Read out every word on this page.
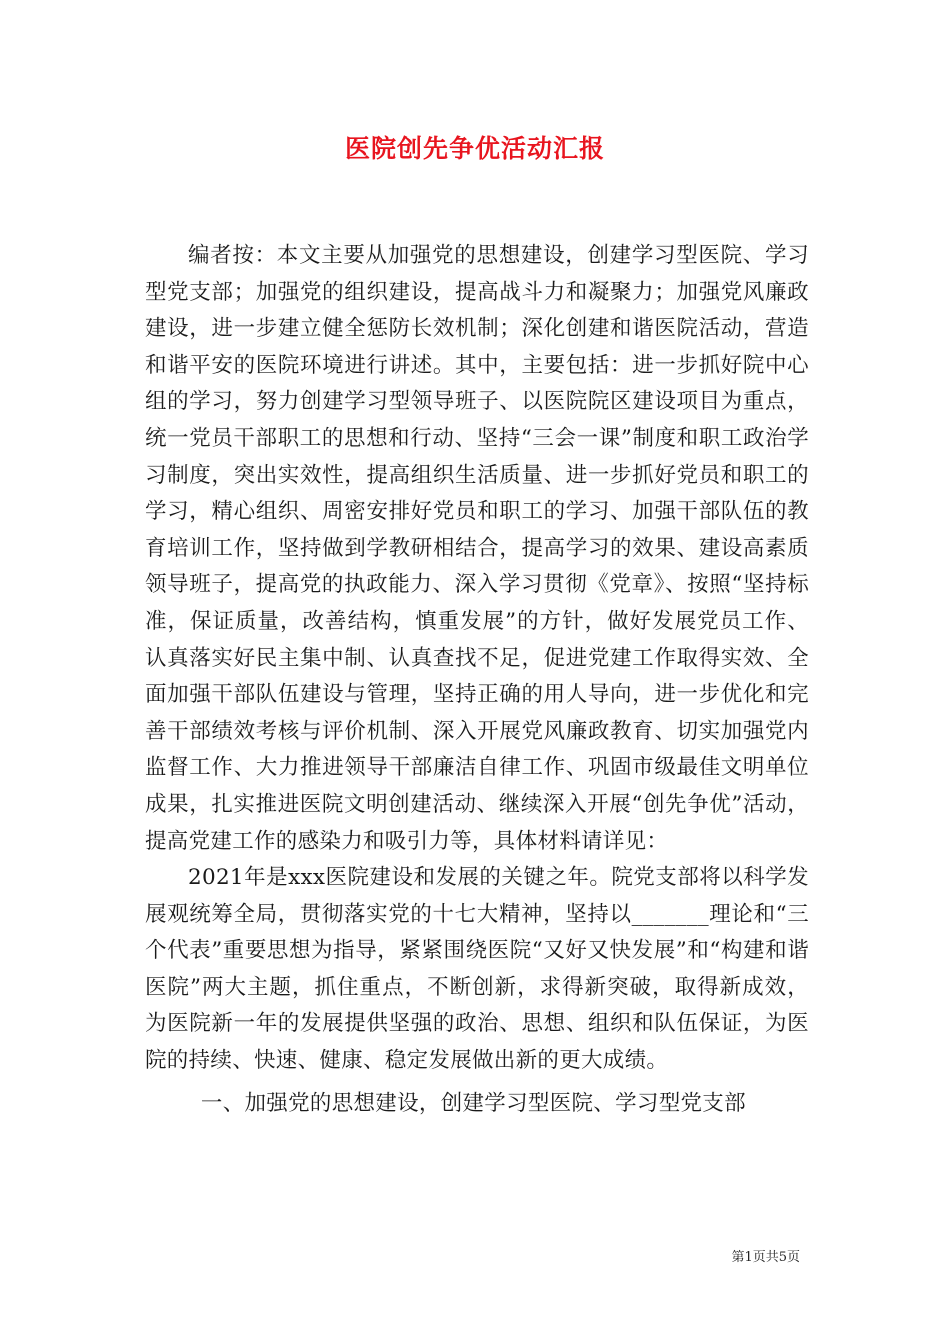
医院创先争优活动汇报

编者按：本文主要从加强党的思想建设，创建学习型医院、学习型党支部；加强党的组织建设，提高战斗力和凝聚力；加强党风廉政建设，进一步建立健全惩防长效机制；深化创建和谐医院活动，营造和谐平安的医院环境进行讲述。其中，主要包括：进一步抓好院中心组的学习，努力创建学习型领导班子、以医院院区建设项目为重点，统一党员干部职工的思想和行动、坚持“三会一课”制度和职工政治学习制度，突出实效性，提高组织生活质量、进一步抓好党员和职工的学习，精心组织、周密安排好党员和职工的学习、加强干部队伍的教育培训工作，坚持做到学教研相结合，提高学习的效果、建设高素质领导班子，提高党的执政能力、深入学习贯彻《党章》、按照“坚持标准，保证质量，改善结构，慎重发展”的方针，做好发展党员工作、认真落实好民主集中制、认真查找不足，促进党建工作取得实效、全面加强干部队伍建设与管理，坚持正确的用人导向，进一步优化和完善干部绩效考核与评价机制、深入开展党风廉政教育、切实加强党内监督工作、大力推进领导干部廉洁自律工作、巩固市级最佳文明单位成果，扎实推进医院文明创建活动、继续深入开展“创先争优”活动，提高党建工作的感染力和吸引力等，具体材料请详见：

2021年是xxx医院建设和发展的关键之年。院党支部将以科学发展观统筹全局，贯彻落实党的十七大精神，坚持以_______理论和“三个代表”重要思想为指导，紧紧围绕医院“又好又快发展”和“构建和谐医院”两大主题，抓住重点，不断创新，求得新突破，取得新成效，为医院新一年的发展提供坚强的政治、思想、组织和队伍保证，为医院的持续、快速、健康、稳定发展做出新的更大成绩。

一、加强党的思想建设，创建学习型医院、学习型党支部

第1页共5页
